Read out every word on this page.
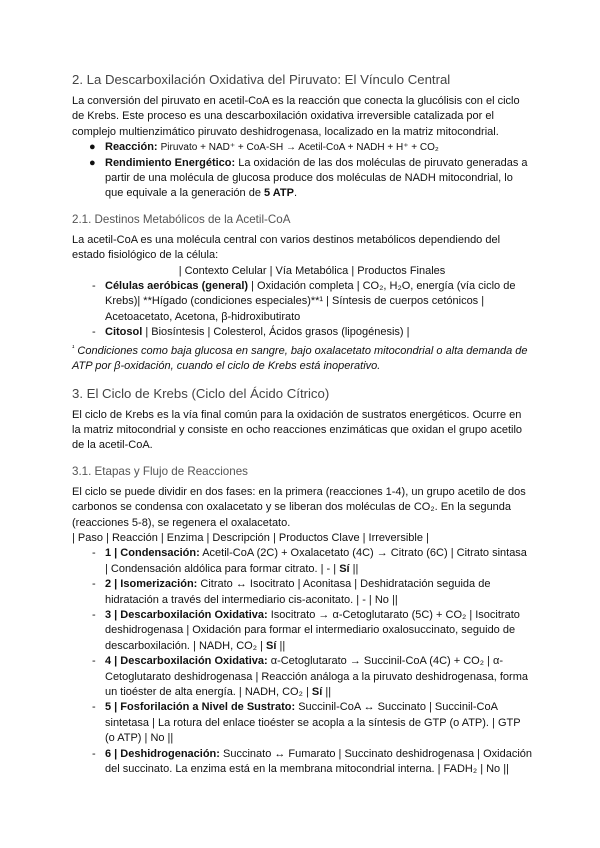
2. La Descarboxilación Oxidativa del Piruvato: El Vínculo Central

La conversión del piruvato en acetil-CoA es la reacción que conecta la glucólisis con el ciclo de Krebs. Este proceso es una descarboxilación oxidativa irreversible catalizada por el complejo multienzimático piruvato deshidrogenasa, localizado en la matriz mitocondrial.

● Reacción: Piruvato + NAD⁺ + CoA-SH → Acetil-CoA + NADH + H⁺ + CO₂
● Rendimiento Energético: La oxidación de las dos moléculas de piruvato generadas a partir de una molécula de glucosa produce dos moléculas de NADH mitocondrial, lo que equivale a la generación de 5 ATP.
2.1. Destinos Metabólicos de la Acetil-CoA

La acetil-CoA es una molécula central con varios destinos metabólicos dependiendo del estado fisiológico de la célula:

| Contexto Celular | Vía Metabólica | Productos Finales

- Células aeróbicas (general) | Oxidación completa | CO₂, H₂O, energía (vía ciclo de Krebs)| **Hígado (condiciones especiales)**¹ | Síntesis de cuerpos cetónicos | Acetoacetato, Acetona, β-hidroxibutirato
- Citosol | Biosíntesis | Colesterol, Ácidos grasos (lipogénesis) |

$^{^1}$ Condiciones como baja glucosa en sangre, bajo oxalacetato mitocondrial o alta demanda de ATP por β-oxidación, cuando el ciclo de Krebs está inoperativo.

3. El Ciclo de Krebs (Ciclo del Ácido Cítrico)

El ciclo de Krebs es la vía final común para la oxidación de sustratos energéticos. Ocurre en la matriz mitocondrial y consiste en ocho reacciones enzimáticas que oxidan el grupo acetilo de la acetil-CoA.

3.1. Etapas y Flujo de Reacciones

El ciclo se puede dividir en dos fases: en la primera (reacciones 1-4), un grupo acetilo de dos carbonos se condensa con oxalacetato y se liberan dos moléculas de CO₂. En la segunda (reacciones 5-8), se regenera el oxalacetato.

| Paso | Reacción | Enzima | Descripción | Productos Clave | Irreversible |

- 1 | Condensación: Acetil-CoA (2C) + Oxalacetato (4C) → Citrato (6C) | Citrato sintasa | Condensación aldólica para formar citrato. | - | Sí ||
- 2 | Isomerización: Citrato ↔ Isocitrato | Aconitasa | Deshidratación seguida de hidratación a través del intermediario cis-aconitato. | - | No ||
- 3 | Descarboxilación Oxidativa: Isocitrato → α-Cetoglutarato (5C) + CO₂ | Isocitrato deshidrogenasa | Oxidación para formar el intermediario oxalosuccinato, seguido de descarboxilación. | NADH, CO₂ | Sí ||
- 4 | Descarboxilación Oxidativa: α-Cetoglutarato → Succinil-CoA (4C) + CO₂ | α-Cetoglutarato deshidrogenasa | Reacción análoga a la piruvato deshidrogenasa, forma un tioéster de alta energía. | NADH, CO₂ | Sí ||
- 5 | Fosforilación a Nivel de Sustrato: Succinil-CoA ↔ Succinato | Succinil-CoA sintetasa | La rotura del enlace tioéster se acopla a la síntesis de GTP (o ATP). | GTP (o ATP) | No ||
- 6 | Deshidrogenación: Succinato ↔ Fumarato | Succinato deshidrogenasa | Oxidación del succinato. La enzima está en la membrana mitocondrial interna. | FADH₂ | No ||
